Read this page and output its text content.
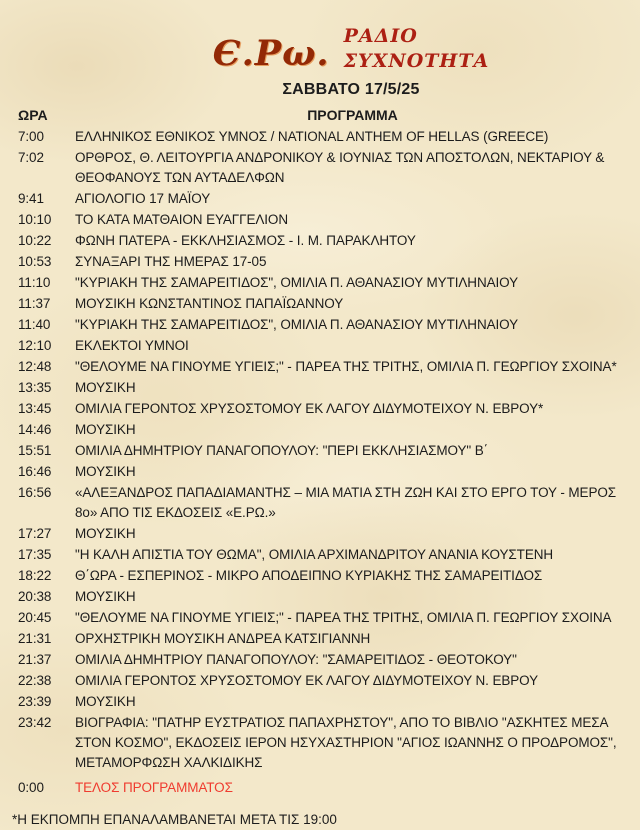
Є.Ρω. ΡΑΔΙΟ
ΣΥΧΝΟΤΗΤΑ
ΣΑΒΒΑΤΟ 17/5/25
ΩΡΑ	ΠΡΟΓΡΑΜΜΑ
7:00	ΕΛΛΗΝΙΚΟΣ ΕΘΝΙΚΟΣ ΥΜΝΟΣ / NATIONAL ANTHEM OF HELLAS (GREECE)
7:02	ΟΡΘΡΟΣ, Θ. ΛΕΙΤΟΥΡΓΙΑ ΑΝΔΡΟΝΙΚΟΥ & ΙΟΥΝΙΑΣ ΤΩΝ ΑΠΟΣΤΟΛΩΝ, ΝΕΚΤΑΡΙΟΥ & ΘΕΟΦΑΝΟΥΣ ΤΩΝ ΑΥΤΑΔΕΛΦΩΝ
9:41	ΑΓΙΟΛΟΓΙΟ 17 ΜΑΪΟΥ
10:10	ΤΟ ΚΑΤΑ ΜΑΤΘΑΙΟΝ ΕΥΑΓΓΕΛΙΟΝ
10:22	ΦΩΝΗ ΠΑΤΕΡΑ - ΕΚΚΛΗΣΙΑΣΜΟΣ - Ι. Μ. ΠΑΡΑΚΛΗΤΟΥ
10:53	ΣΥΝΑΞΑΡΙ ΤΗΣ ΗΜΕΡΑΣ 17-05
11:10	"ΚΥΡΙΑΚΗ ΤΗΣ ΣΑΜΑΡΕΙΤΙΔΟΣ", ΟΜΙΛΙΑ Π. ΑΘΑΝΑΣΙΟΥ ΜΥΤΙΛΗΝΑΙΟΥ
11:37	ΜΟΥΣΙΚΗ ΚΩΝΣΤΑΝΤΙΝΟΣ ΠΑΠΑΪΩΑΝΝΟΥ
11:40	"ΚΥΡΙΑΚΗ ΤΗΣ ΣΑΜΑΡΕΙΤΙΔΟΣ", ΟΜΙΛΙΑ Π. ΑΘΑΝΑΣΙΟΥ ΜΥΤΙΛΗΝΑΙΟΥ
12:10	ΕΚΛΕΚΤΟΙ ΥΜΝΟΙ
12:48	"ΘΕΛΟΥΜΕ ΝΑ ΓΙΝΟΥΜΕ ΥΓΙΕΙΣ;" - ΠΑΡΕΑ ΤΗΣ ΤΡΙΤΗΣ, ΟΜΙΛΙΑ Π. ΓΕΩΡΓΙΟΥ ΣΧΟΙΝΑ*
13:35	ΜΟΥΣΙΚΗ
13:45	ΟΜΙΛΙΑ ΓΕΡΟΝΤΟΣ ΧΡΥΣΟΣΤΟΜΟΥ ΕΚ ΛΑΓΟΥ ΔΙΔΥΜΟΤΕΙΧΟΥ Ν. ΕΒΡΟΥ*
14:46	ΜΟΥΣΙΚΗ
15:51	ΟΜΙΛΙΑ ΔΗΜΗΤΡΙΟΥ ΠΑΝΑΓΟΠΟΥΛΟΥ: "ΠΕΡΙ ΕΚΚΛΗΣΙΑΣΜΟΥ" Β΄
16:46	ΜΟΥΣΙΚΗ
16:56	«ΑΛΕΞΑΝΔΡΟΣ ΠΑΠΑΔΙΑΜΑΝΤΗΣ – ΜΙΑ ΜΑΤΙΑ ΣΤΗ ΖΩΗ ΚΑΙ ΣΤΟ ΕΡΓΟ ΤΟΥ - ΜΕΡΟΣ 8ο» ΑΠΟ ΤΙΣ ΕΚΔΟΣΕΙΣ «Ε.ΡΩ.»
17:27	ΜΟΥΣΙΚΗ
17:35	"Η ΚΑΛΗ ΑΠΙΣΤΙΑ ΤΟΥ ΘΩΜΑ", ΟΜΙΛΙΑ ΑΡΧΙΜΑΝΔΡΙΤΟΥ ΑΝΑΝΙΑ ΚΟΥΣΤΕΝΗ
18:22	Θ΄ΩΡΑ - ΕΣΠΕΡΙΝΟΣ - ΜΙΚΡΟ ΑΠΟΔΕΙΠΝΟ ΚΥΡΙΑΚΗΣ ΤΗΣ ΣΑΜΑΡΕΙΤΙΔΟΣ
20:38	ΜΟΥΣΙΚΗ
20:45	"ΘΕΛΟΥΜΕ ΝΑ ΓΙΝΟΥΜΕ ΥΓΙΕΙΣ;" - ΠΑΡΕΑ ΤΗΣ ΤΡΙΤΗΣ, ΟΜΙΛΙΑ Π. ΓΕΩΡΓΙΟΥ ΣΧΟΙΝΑ
21:31	ΟΡΧΗΣΤΡΙΚΗ ΜΟΥΣΙΚΗ ΑΝΔΡΕΑ ΚΑΤΣΙΓΙΑΝΝΗ
21:37	ΟΜΙΛΙΑ ΔΗΜΗΤΡΙΟΥ ΠΑΝΑΓΟΠΟΥΛΟΥ: "ΣΑΜΑΡΕΙΤΙΔΟΣ - ΘΕΟΤΟΚΟΥ"
22:38	ΟΜΙΛΙΑ ΓΕΡΟΝΤΟΣ ΧΡΥΣΟΣΤΟΜΟΥ ΕΚ ΛΑΓΟΥ ΔΙΔΥΜΟΤΕΙΧΟΥ Ν. ΕΒΡΟΥ
23:39	ΜΟΥΣΙΚΗ
23:42	ΒΙΟΓΡΑΦΙΑ: "ΠΑΤΗΡ ΕΥΣΤΡΑΤΙΟΣ ΠΑΠΑΧΡΗΣΤΟΥ", ΑΠΟ ΤΟ ΒΙΒΛΙΟ "ΑΣΚΗΤΕΣ ΜΕΣΑ ΣΤΟΝ ΚΟΣΜΟ", ΕΚΔΟΣΕΙΣ ΙΕΡΟΝ ΗΣΥΧΑΣΤΗΡΙΟΝ "ΑΓΙΟΣ ΙΩΑΝΝΗΣ Ο ΠΡΟΔΡΟΜΟΣ", ΜΕΤΑΜΟΡΦΩΣΗ ΧΑΛΚΙΔΙΚΗΣ
0:00	ΤΕΛΟΣ ΠΡΟΓΡΑΜΜΑΤΟΣ
*Η ΕΚΠΟΜΠΗ ΕΠΑΝΑΛΑΜΒΑΝΕΤΑΙ ΜΕΤΑ ΤΙΣ 19:00
